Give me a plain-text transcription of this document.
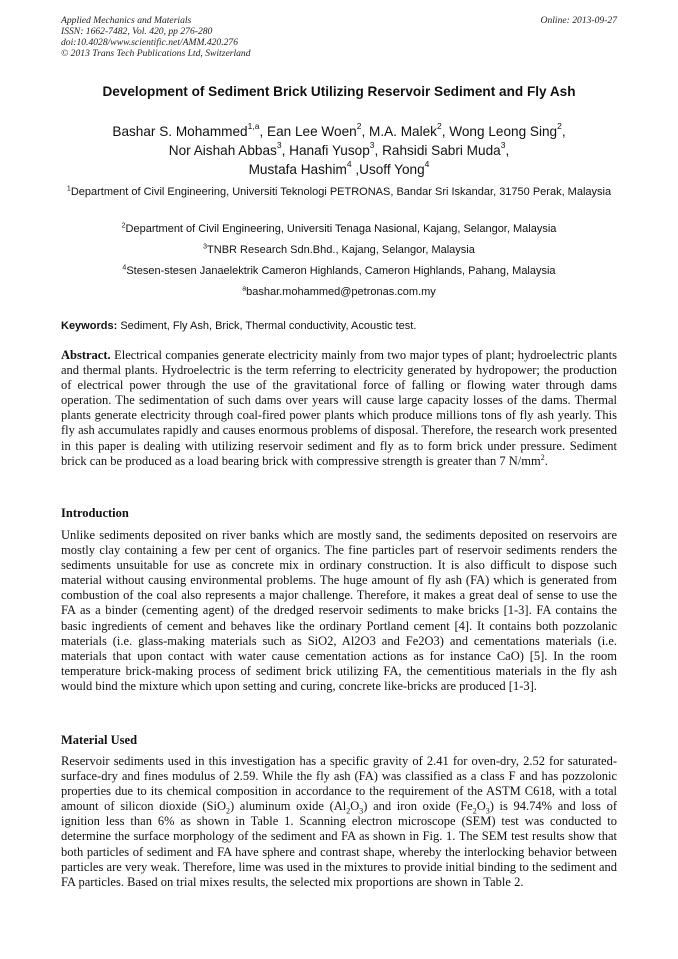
Applied Mechanics and Materials
ISSN: 1662-7482, Vol. 420, pp 276-280
doi:10.4028/www.scientific.net/AMM.420.276
© 2013 Trans Tech Publications Ltd, Switzerland
Online: 2013-09-27
Development of Sediment Brick Utilizing Reservoir Sediment and Fly Ash
Bashar S. Mohammed$^{1,a}$, Ean Lee Woen$^2$, M.A. Malek$^2$, Wong Leong Sing$^2$,
Nor Aishah Abbas$^3$, Hanafi Yusop$^3$, Rahsidi Sabri Muda$^3$,
Mustafa Hashim$^4$ ,Usoff Yong$^4$
$^1$Department of Civil Engineering, Universiti Teknologi PETRONAS, Bandar Sri Iskandar, 31750 Perak, Malaysia
$^2$Department of Civil Engineering, Universiti Tenaga Nasional, Kajang, Selangor, Malaysia
$^3$TNBR Research Sdn.Bhd., Kajang, Selangor, Malaysia
$^4$Stesen-stesen Janaelektrik Cameron Highlands, Cameron Highlands, Pahang, Malaysia
$^a$bashar.mohammed@petronas.com.my
Keywords: Sediment, Fly Ash, Brick, Thermal conductivity, Acoustic test.
Abstract. Electrical companies generate electricity mainly from two major types of plant; hydroelectric plants and thermal plants. Hydroelectric is the term referring to electricity generated by hydropower; the production of electrical power through the use of the gravitational force of falling or flowing water through dams operation. The sedimentation of such dams over years will cause large capacity losses of the dams. Thermal plants generate electricity through coal-fired power plants which produce millions tons of fly ash yearly. This fly ash accumulates rapidly and causes enormous problems of disposal. Therefore, the research work presented in this paper is dealing with utilizing reservoir sediment and fly as to form brick under pressure. Sediment brick can be produced as a load bearing brick with compressive strength is greater than 7 $N/mm^2$.
Introduction
Unlike sediments deposited on river banks which are mostly sand, the sediments deposited on reservoirs are mostly clay containing a few per cent of organics. The fine particles part of reservoir sediments renders the sediments unsuitable for use as concrete mix in ordinary construction. It is also difficult to dispose such material without causing environmental problems. The huge amount of fly ash (FA) which is generated from combustion of the coal also represents a major challenge. Therefore, it makes a great deal of sense to use the FA as a binder (cementing agent) of the dredged reservoir sediments to make bricks [1-3]. FA contains the basic ingredients of cement and behaves like the ordinary Portland cement [4]. It contains both pozzolanic materials (i.e. glass-making materials such as SiO2, Al2O3 and Fe2O3) and cementations materials (i.e. materials that upon contact with water cause cementation actions as for instance CaO) [5]. In the room temperature brick-making process of sediment brick utilizing FA, the cementitious materials in the fly ash would bind the mixture which upon setting and curing, concrete like-bricks are produced [1-3].
Material Used
Reservoir sediments used in this investigation has a specific gravity of 2.41 for oven-dry, 2.52 for saturated-surface-dry and fines modulus of 2.59. While the fly ash (FA) was classified as a class F and has pozzolonic properties due to its chemical composition in accordance to the requirement of the ASTM C618, with a total amount of silicon dioxide (SiO$_2$) aluminum oxide $(Al_2O_3)$ and iron oxide $(Fe_2O_3)$ is 94.74% and loss of ignition less than 6% as shown in Table 1. Scanning electron microscope (SEM) test was conducted to determine the surface morphology of the sediment and FA as shown in Fig. 1. The SEM test results show that both particles of sediment and FA have sphere and contrast shape, whereby the interlocking behavior between particles are very weak. Therefore, lime was used in the mixtures to provide initial binding to the sediment and FA particles. Based on trial mixes results, the selected mix proportions are shown in Table 2.
